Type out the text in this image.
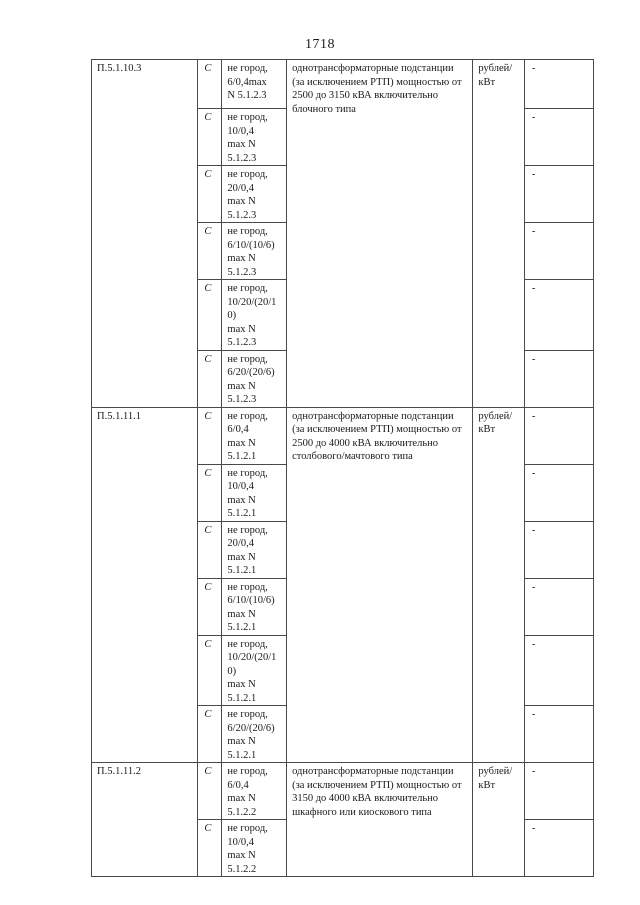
1718
П.5.1.10.3	С	не город,
6/0,4max
N 5.1.2.3	однотрансформаторные подстанции (за исключением РТП) мощностью от 2500 до 3150 кВА включительно блочного типа	рублей/ кВт	-
	С	не город,
10/0,4
max N
5.1.2.3			-
	С	не город,
20/0,4
max N
5.1.2.3			-
	С	не город,
6/10/(10/6)
max N
5.1.2.3			-
	С	не город,
10/20/(20/1
0)
max N
5.1.2.3			-
	С	не город,
6/20/(20/6)
max N
5.1.2.3			-
П.5.1.11.1	С	не город,
6/0,4
max N
5.1.2.1	однотрансформаторные подстанции (за исключением РТП) мощностью от 2500 до 4000 кВА включительно столбового/мачтового типа	рублей/ кВт	-
	С	не город,
10/0,4
max N
5.1.2.1			-
	С	не город,
20/0,4
max N
5.1.2.1			-
	С	не город,
6/10/(10/6)
max N
5.1.2.1			-
	С	не город,
10/20/(20/1
0)
max N
5.1.2.1			-
	С	не город,
6/20/(20/6)
max N
5.1.2.1			-
П.5.1.11.2	С	не город,
6/0,4
max N
5.1.2.2	однотрансформаторные подстанции (за исключением РТП) мощностью от 3150 до 4000 кВА включительно шкафного или киоскового типа	рублей/ кВт	-
	С	не город,
10/0,4
max N
5.1.2.2			-
